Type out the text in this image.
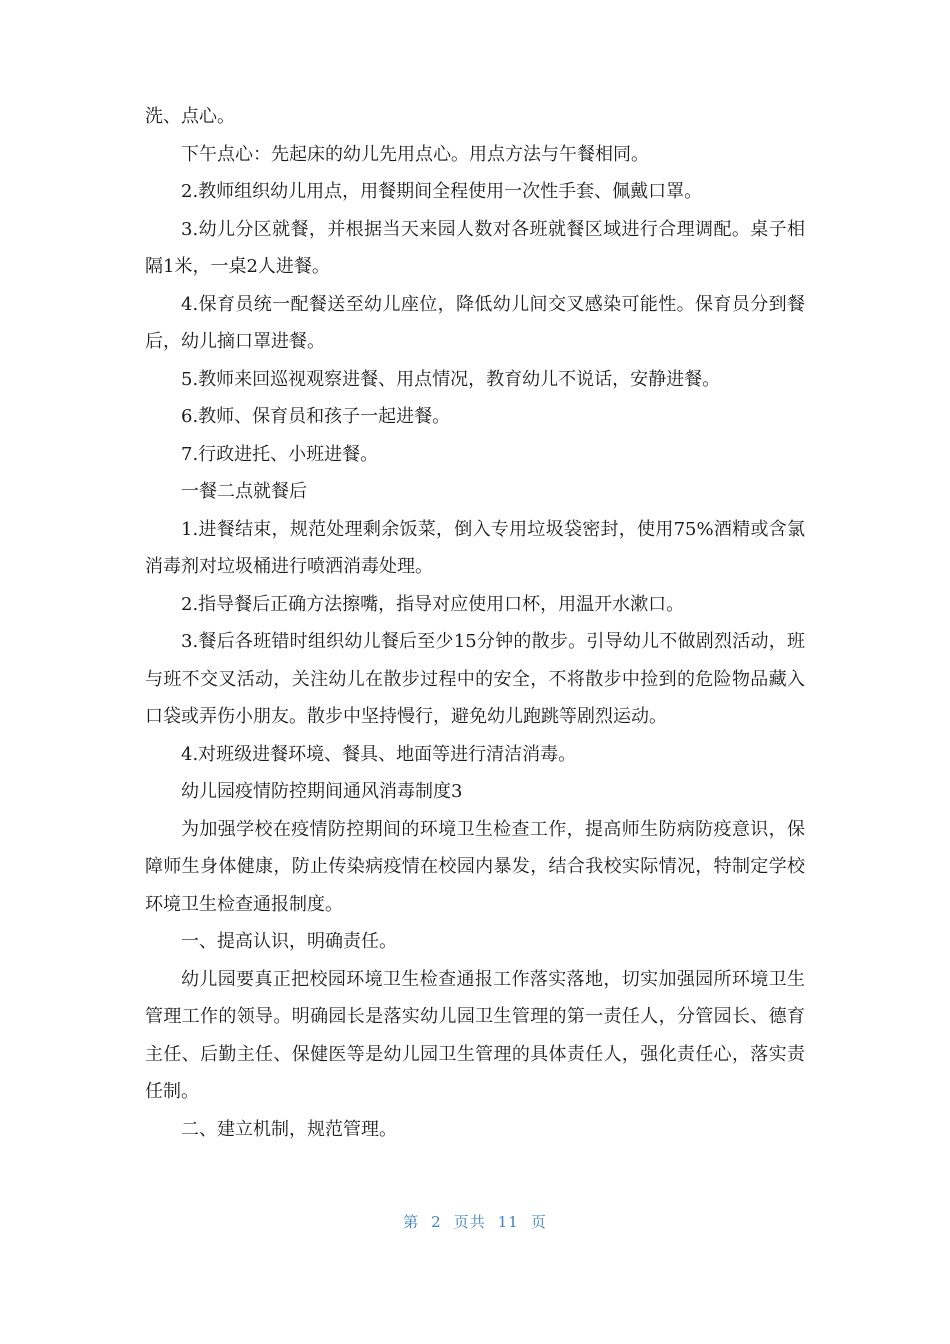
洗、点心。

下午点心：先起床的幼儿先用点心。用点方法与午餐相同。

2.教师组织幼儿用点，用餐期间全程使用一次性手套、佩戴口罩。

3.幼儿分区就餐，并根据当天来园人数对各班就餐区域进行合理调配。桌子相隔1米，一桌2人进餐。

4.保育员统一配餐送至幼儿座位，降低幼儿间交叉感染可能性。保育员分到餐后，幼儿摘口罩进餐。

5.教师来回巡视观察进餐、用点情况，教育幼儿不说话，安静进餐。

6.教师、保育员和孩子一起进餐。

7.行政进托、小班进餐。

一餐二点就餐后

1.进餐结束，规范处理剩余饭菜，倒入专用垃圾袋密封，使用75%酒精或含氯消毒剂对垃圾桶进行喷洒消毒处理。

2.指导餐后正确方法擦嘴，指导对应使用口杯，用温开水漱口。

3.餐后各班错时组织幼儿餐后至少15分钟的散步。引导幼儿不做剧烈活动，班与班不交叉活动，关注幼儿在散步过程中的安全，不将散步中捡到的危险物品藏入口袋或弄伤小朋友。散步中坚持慢行，避免幼儿跑跳等剧烈运动。

4.对班级进餐环境、餐具、地面等进行清洁消毒。

幼儿园疫情防控期间通风消毒制度3

为加强学校在疫情防控期间的环境卫生检查工作，提高师生防病防疫意识，保障师生身体健康，防止传染病疫情在校园内暴发，结合我校实际情况，特制定学校环境卫生检查通报制度。

一、提高认识，明确责任。

幼儿园要真正把校园环境卫生检查通报工作落实落地，切实加强园所环境卫生管理工作的领导。明确园长是落实幼儿园卫生管理的第一责任人，分管园长、德育主任、后勤主任、保健医等是幼儿园卫生管理的具体责任人，强化责任心，落实责任制。

二、建立机制，规范管理。

第 2 页共 11 页
